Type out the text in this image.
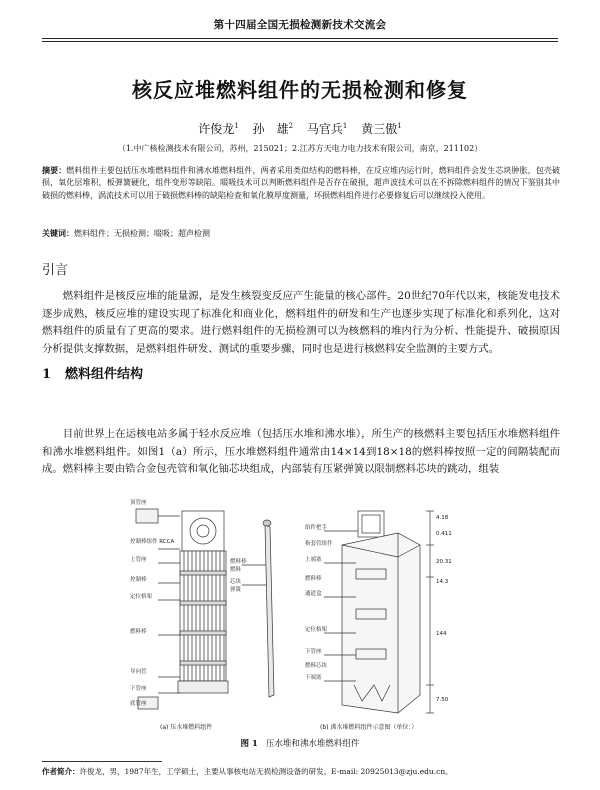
第十四届全国无损检测新技术交流会
核反应堆燃料组件的无损检测和修复
许俊龙$^1$ 孙　雄$^2$ 马官兵$^1$ 黄三傲$^1$
（1.中广核检测技术有限公司，苏州，215021；2.江苏方天电力电力技术有限公司，南京，211102）
摘要：燃料组件主要包括压水堆燃料组件和沸水堆燃料组件，两者采用类似结构的燃料棒，在反应堆内运行时，燃料组件会发生芯块肿胀，包壳破损，氧化层堆积，板弹簧硬化，组件变形等缺陷。啜吸技术可以判断燃料组件是否存在破损，超声波技术可以在不拆除燃料组件的情况下鉴别其中破损的燃料棒，涡流技术可以用于破损燃料棒的缺陷检查和氧化膜厚度测量，坏损燃料组件进行必要修复后可以继续投入使用。
关键词：燃料组件；无损检测；啜吸；超声检测
引言
燃料组件是核反应堆的能量源，是发生核裂变反应产生能量的核心部件。20世纪70年代以来，核能发电技术逐步成熟，核反应堆的建设实现了标准化和商业化，燃料组件的研发和生产也逐步实现了标准化和系列化，这对燃料组件的质量有了更高的要求。进行燃料组件的无损检测可以为核燃料的堆内行为分析、性能提升、破损原因分析提供支撑数据，是燃料组件研发、测试的重要步骤，同时也是进行核燃料安全监测的主要方式。
1 燃料组件结构
目前世界上在运核电站多属于轻水反应堆（包括压水堆和沸水堆），所生产的核燃料主要包括压水堆燃料组件和沸水堆燃料组件。如图1（a）所示，压水堆燃料组件通常由14×14到18×18的燃料棒按照一定的间隔装配而成。燃料棒主要由锆合金包壳管和氧化铀芯块组成，内部装有压紧弹簧以限制燃料芯块的跳动，组装
顶管座
控制棒组件 RCCA
上管座
控制棒
定位格架
燃料棒
导向管
下管座
底管座
燃料棒
燃料
芯块
弹簧
组件把手
指套管组件
上端塞
燃料棒
通道盒
定位格架
下管座
燃料芯块
下端塞
4.18
0.411
20.31
14.3
144
7.50
(a) 压水堆燃料组件	(b) 沸水堆燃料组件示意图（单位：）
图 1 压水堆和沸水堆燃料组件
作者简介：许俊龙，男，1987年生，工学硕士，主要从事核电站无损检测设备的研发。E-mail: 20925013@zju.edu.cn。
